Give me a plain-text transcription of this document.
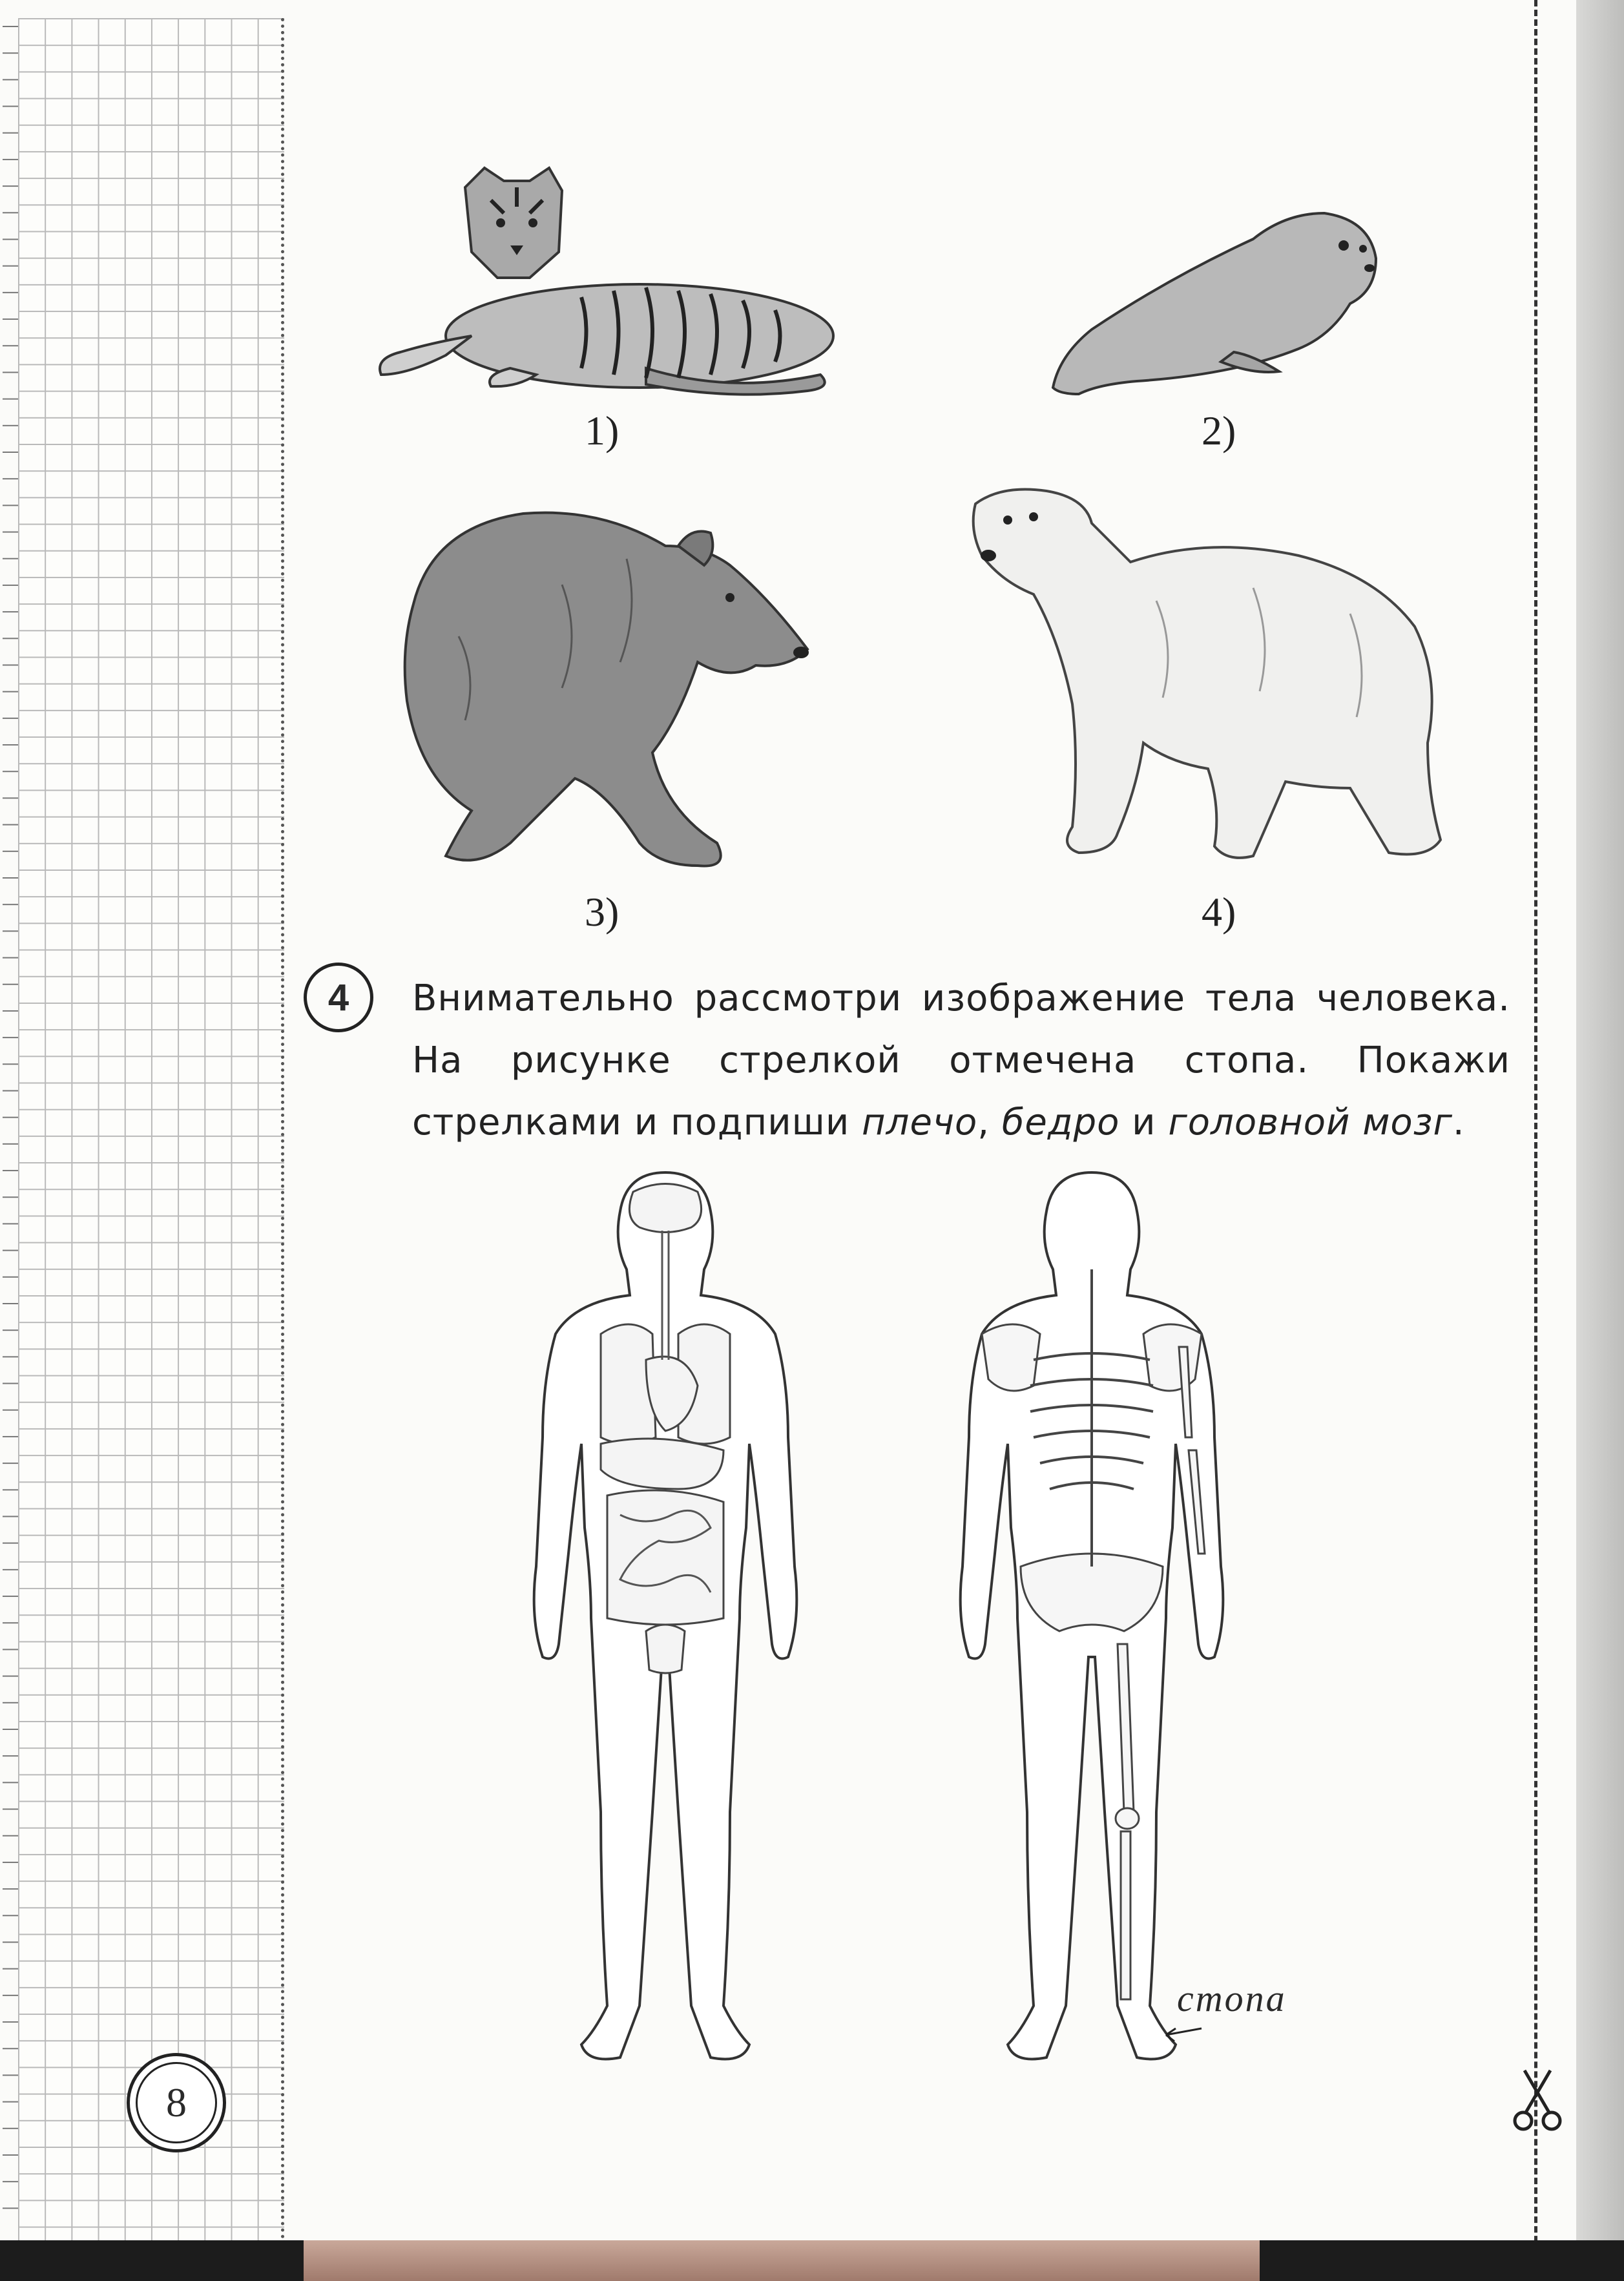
1)	2)
3)	4)
4	Внимательно рассмотри изображение тела человека. На рисунке стрелкой отмечена стопа. Покажи стрелками и подпиши плечо, бедро и головной мозг.
стопа
8
